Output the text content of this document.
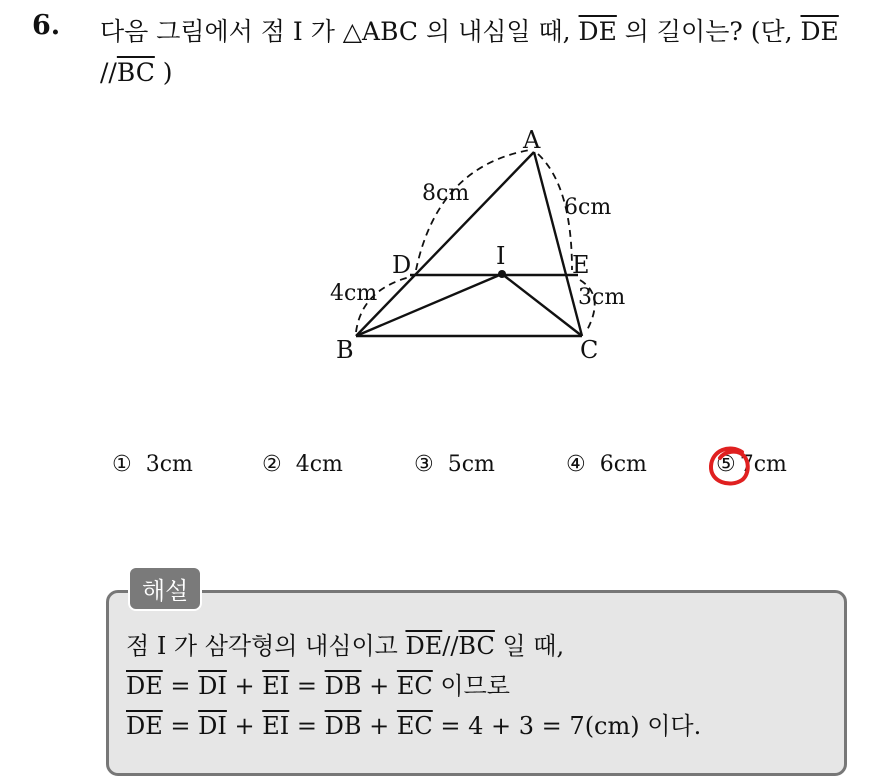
6. 다음 그림에서 점 I 가 △ABC 의 내심일 때, $\overline{DE}$ 의 길이는? (단, $\overline{DE}$
$//\overline{BC}$ )
A
B	C
D	E
I
8cm
6cm
4cm	3cm
① 3cm	② 4cm	③ 5cm	④ 6cm	⑤ 7cm
해설
점 I 가 삼각형의 내심이고 $\overline{DE}//\overline{BC}$ 일 때,
$\overline{DE} = \overline{DI} + \overline{EI} = \overline{DB} + \overline{EC}$ 이므로
$\overline{DE} = \overline{DI} + \overline{EI} = \overline{DB} + \overline{EC} = 4 + 3 = 7(cm)$ 이다.
